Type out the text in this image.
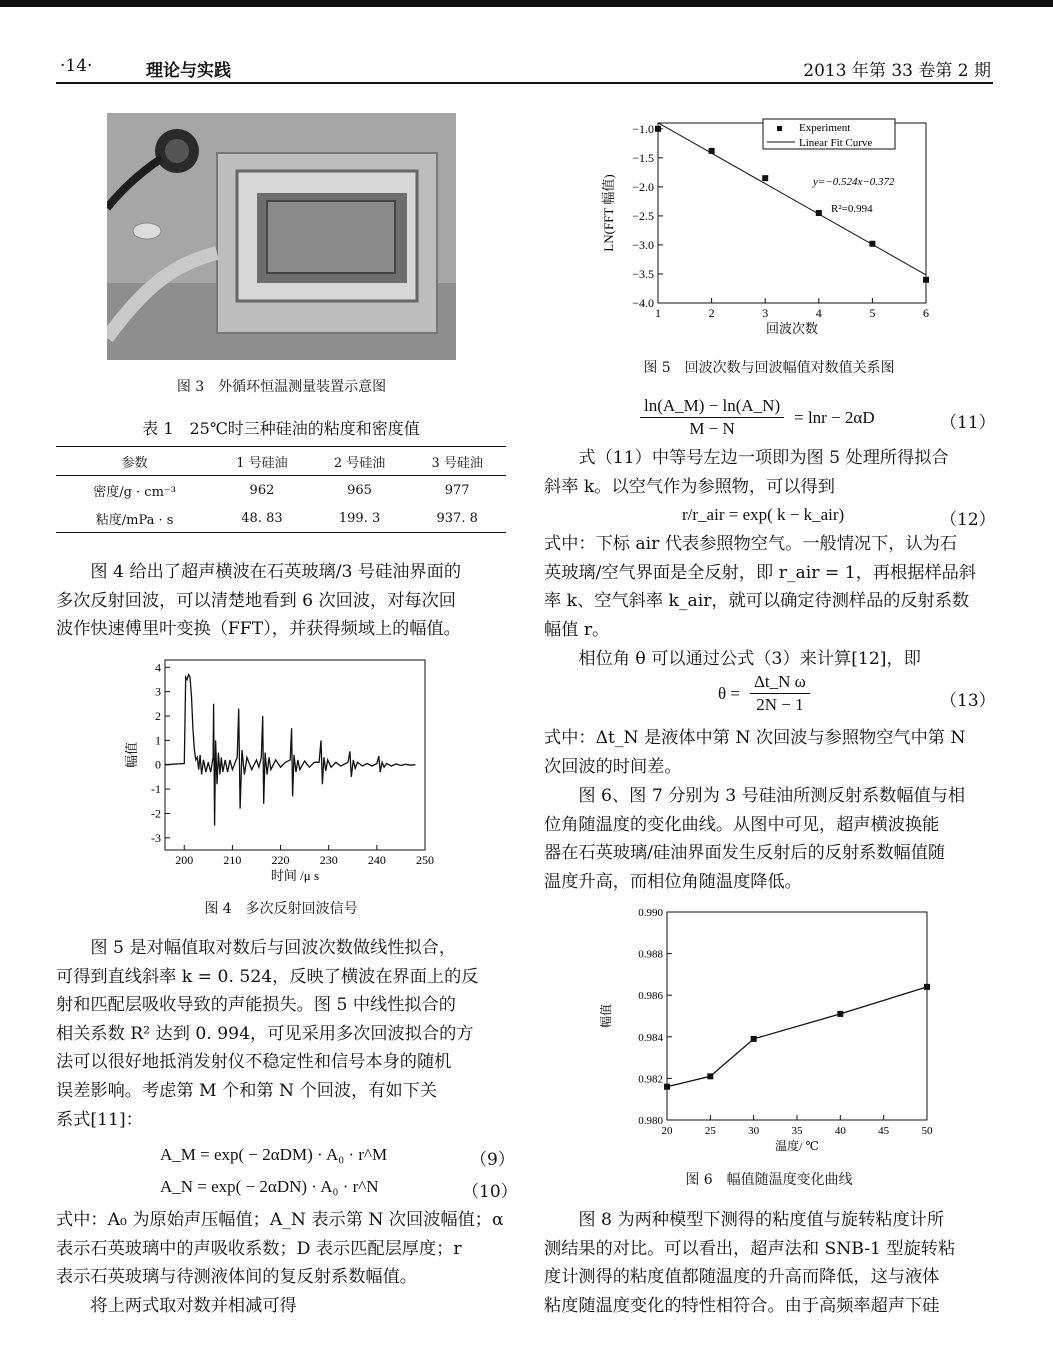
·14·	理论与实践	2013 年第 33 卷第 2 期
图 3　外循环恒温测量装置示意图
表 1　25℃时三种硅油的粘度和密度值
参数	1 号硅油	2 号硅油	3 号硅油
密度/g · cm⁻³	962	965	977
粘度/mPa · s	48. 83	199. 3	937. 8
图 4 给出了超声横波在石英玻璃/3 号硅油界面的
多次反射回波，可以清楚地看到 6 次回波，对每次回
波作快速傅里叶变换（FFT），并获得频域上的幅值。
200	210	220	230	240	250
4
3
2
1
0
-1
-2
-3
时间 /μ s
幅值
图 4　多次反射回波信号
图 5 是对幅值取对数后与回波次数做线性拟合，
可得到直线斜率 k = 0. 524，反映了横波在界面上的反
射和匹配层吸收导致的声能损失。图 5 中线性拟合的
相关系数 R² 达到 0. 994，可见采用多次回波拟合的方
法可以很好地抵消发射仪不稳定性和信号本身的随机
误差影响。考虑第 M 个和第 N 个回波，有如下关
系式[11]：
A_M = exp( − 2αDM) · A₀ · r^M	（9）
A_N = exp( − 2αDN) · A₀ · r^N	（10）
式中：A₀ 为原始声压幅值；A_N 表示第 N 次回波幅值；α
表示石英玻璃中的声吸收系数；D 表示匹配层厚度；r
表示石英玻璃与待测液体间的复反射系数幅值。
将上两式取对数并相减可得
1	2	3	4	5	6
−1.0
−1.5
−2.0
−2.5
−3.0
−3.5
−4.0
回波次数
LN(FFT 幅值)
Experiment
Linear Fit Curve
y=−0.524x−0.372
R²=0.994
图 5　回波次数与回波幅值对数值关系图
$\frac{\ln(A\_M) - \ln(A\_N)}{M - N} = \ln r - 2\alpha D$	（11）
式（11）中等号左边一项即为图 5 处理所得拟合
斜率 k。以空气作为参照物，可以得到
r/r_air = exp( k − k_air)	（12）
式中：下标 air 代表参照物空气。一般情况下，认为石
英玻璃/空气界面是全反射，即 r_air = 1，再根据样品斜
率 k、空气斜率 k_air，就可以确定待测样品的反射系数
幅值 r。
相位角 θ 可以通过公式（3）来计算[12]，即
$\theta = \frac{\text{Δt\_N ω}}{2N - 1}$	（13）
式中：Δt_N 是液体中第 N 次回波与参照物空气中第 N
次回波的时间差。
图 6、图 7 分别为 3 号硅油所测反射系数幅值与相
位角随温度的变化曲线。从图中可见，超声横波换能
器在石英玻璃/硅油界面发生反射后的反射系数幅值随
温度升高，而相位角随温度降低。
20	25	30	35	40	45	50
0.990
0.988
0.986
0.984
0.982
0.980
温度/ ℃
幅值
图 6　幅值随温度变化曲线
图 8 为两种模型下测得的粘度值与旋转粘度计所
测结果的对比。可以看出，超声法和 SNB-1 型旋转粘
度计测得的粘度值都随温度的升高而降低，这与液体
粘度随温度变化的特性相符合。由于高频率超声下硅
